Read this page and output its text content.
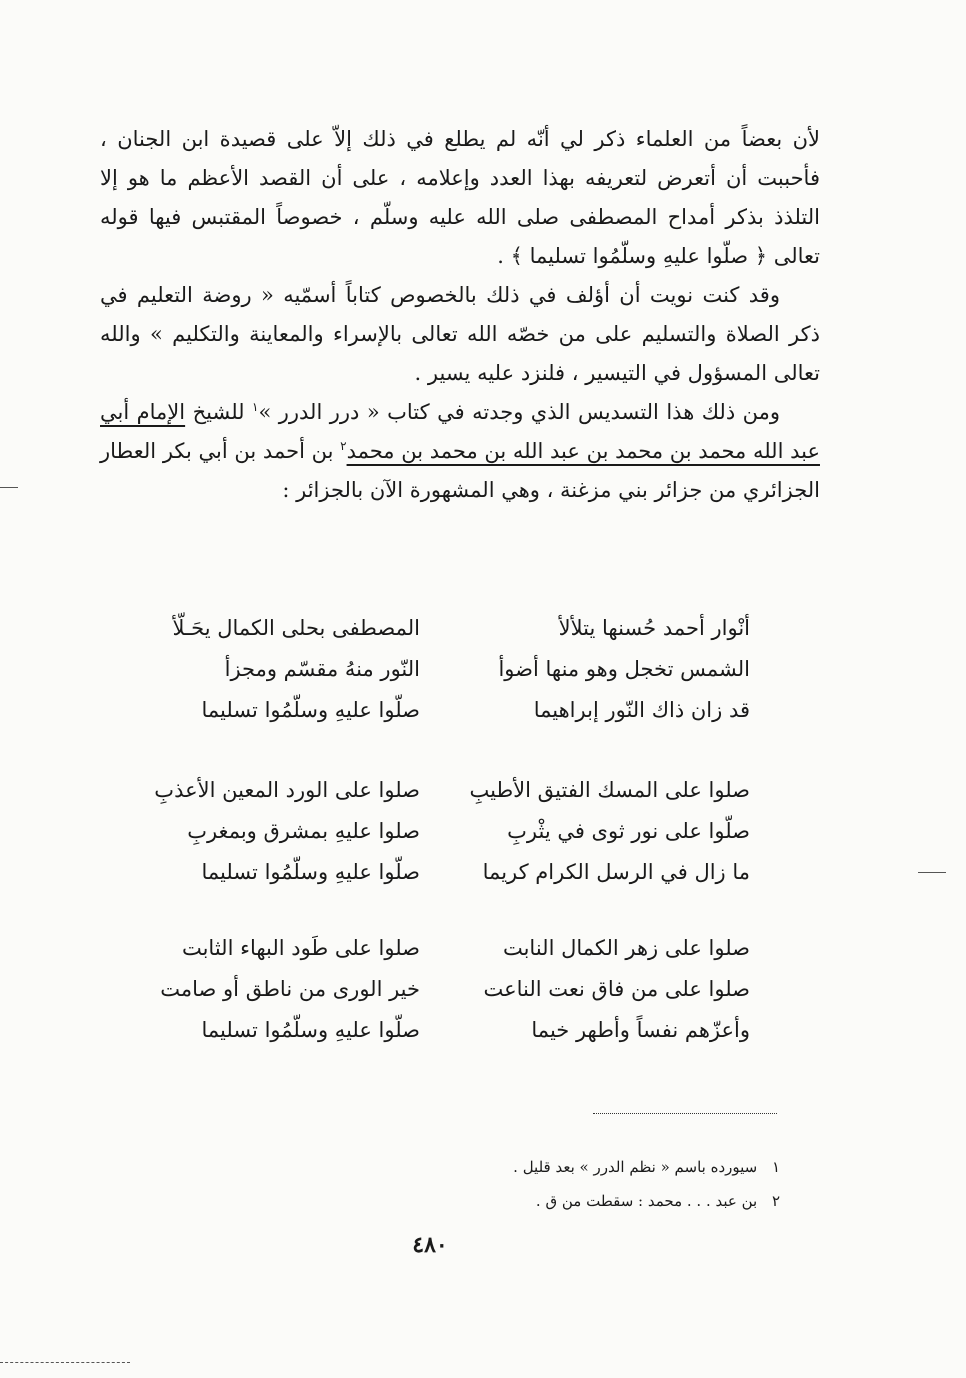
لأن بعضاً من العلماء ذكر لي أنّه لم يطلع في ذلك إلاّ على قصيدة ابن الجنان ، فأحببت أن أتعرض لتعريفه بهذا العدد وإعلامه ، على أن القصد الأعظم ما هو إلا التلذذ بذكر أمداح المصطفى صلى الله عليه وسلّم ، خصوصاً المقتبس فيها قوله تعالى ﴿ صلّوا عليهِ وسلّمُوا تسليما ﴾ .

وقد كنت نويت أن أؤلف في ذلك بالخصوص كتاباً أسمّيه « روضة التعليم في ذكر الصلاة والتسليم على من خصّه الله تعالى بالإسراء والمعاينة والتكليم » والله تعالى المسؤول في التيسير ، فلنزد عليه يسير .

ومن ذلك هذا التسديس الذي وجدته في كتاب « درر الدرر »$^١$ للشيخ الإمام أبي عبد الله محمد بن محمد بن عبد الله بن محمد بن محمد$^٢$ بن أحمد بن أبي بكر العطار الجزائري من جزائر بني مزغنة ، وهي المشهورة الآن بالجزائر :

أنْوار أحمد حُسنها يتلألأ
المصطفى بحلى الكمال يحَـلّأ
الشمس تخجل وهو منها أضوأ
النّور منهُ مقسّم ومجزأ
قد زان ذاك النّور إبراهيما
صلّوا عليهِ وسلّمُوا تسليما
صلوا على المسك الفتيق الأطيبِ
صلوا على الورد المعين الأعذبِ
صلّوا على نور ثوى في يثْربِ
صلوا عليهِ بمشرق وبمغربِ
ما زال في الرسل الكرام كريما
صلّوا عليهِ وسلّمُوا تسليما
صلوا على زهر الكمال النابت
صلوا على طَود البهاء الثابت
صلوا على من فاق نعت الناعت
خير الورى من ناطق أو صامت
وأعزّهم نفساً وأطهر خيما
صلّوا عليهِ وسلّمُوا تسليما
١ سيورده باسم « نظم الدرر » بعد قليل .
٢ بن عبد . . . محمد : سقطت من ق .
٤٨٠
